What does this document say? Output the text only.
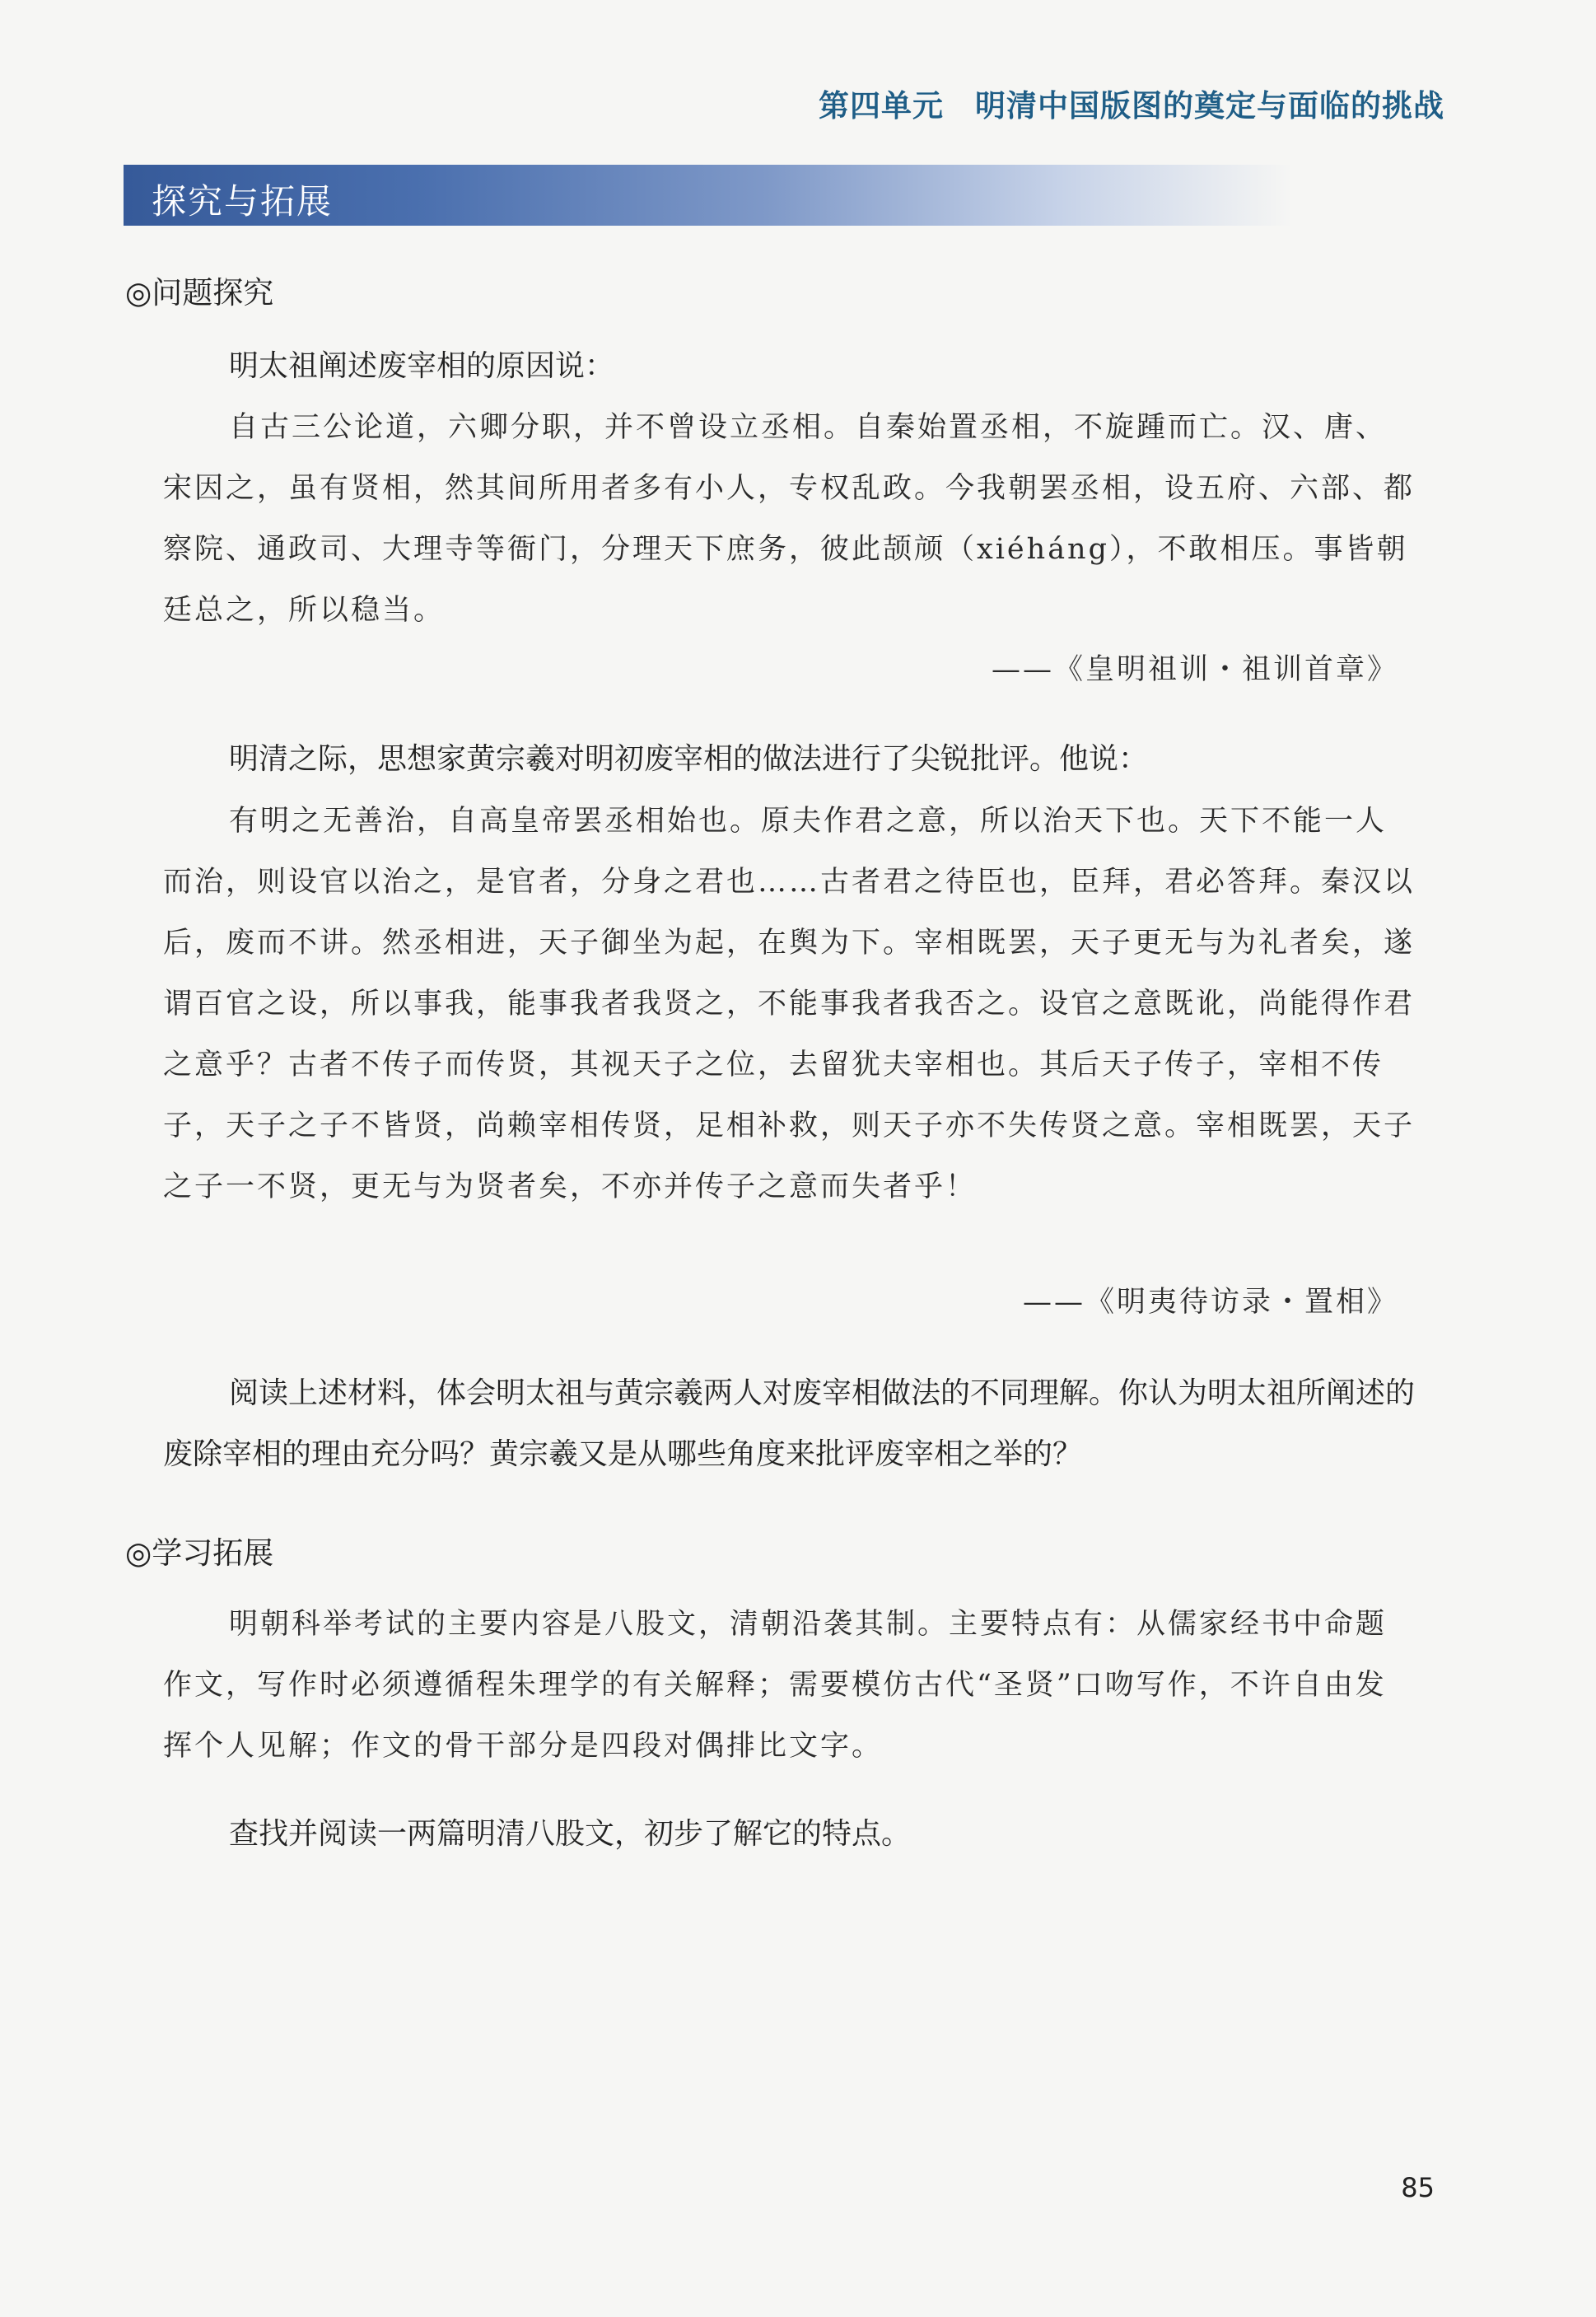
第四单元　明清中国版图的奠定与面临的挑战
探究与拓展
◎问题探究
明太祖阐述废宰相的原因说：
自古三公论道，六卿分职，并不曾设立丞相。自秦始置丞相，不旋踵而亡。汉、唐、宋因之，虽有贤相，然其间所用者多有小人，专权乱政。今我朝罢丞相，设五府、六部、都察院、通政司、大理寺等衙门，分理天下庶务，彼此颉颃（xiéháng），不敢相压。事皆朝廷总之，所以稳当。
——《皇明祖训・祖训首章》
明清之际，思想家黄宗羲对明初废宰相的做法进行了尖锐批评。他说：
有明之无善治，自高皇帝罢丞相始也。原夫作君之意，所以治天下也。天下不能一人而治，则设官以治之，是官者，分身之君也……古者君之待臣也，臣拜，君必答拜。秦汉以后，废而不讲。然丞相进，天子御坐为起，在舆为下。宰相既罢，天子更无与为礼者矣，遂谓百官之设，所以事我，能事我者我贤之，不能事我者我否之。设官之意既讹，尚能得作君之意乎？古者不传子而传贤，其视天子之位，去留犹夫宰相也。其后天子传子，宰相不传子，天子之子不皆贤，尚赖宰相传贤，足相补救，则天子亦不失传贤之意。宰相既罢，天子之子一不贤，更无与为贤者矣，不亦并传子之意而失者乎！
——《明夷待访录・置相》
阅读上述材料，体会明太祖与黄宗羲两人对废宰相做法的不同理解。你认为明太祖所阐述的废除宰相的理由充分吗？黄宗羲又是从哪些角度来批评废宰相之举的？
◎学习拓展
明朝科举考试的主要内容是八股文，清朝沿袭其制。主要特点有：从儒家经书中命题作文，写作时必须遵循程朱理学的有关解释；需要模仿古代“圣贤”口吻写作，不许自由发挥个人见解；作文的骨干部分是四段对偶排比文字。
查找并阅读一两篇明清八股文，初步了解它的特点。
85
